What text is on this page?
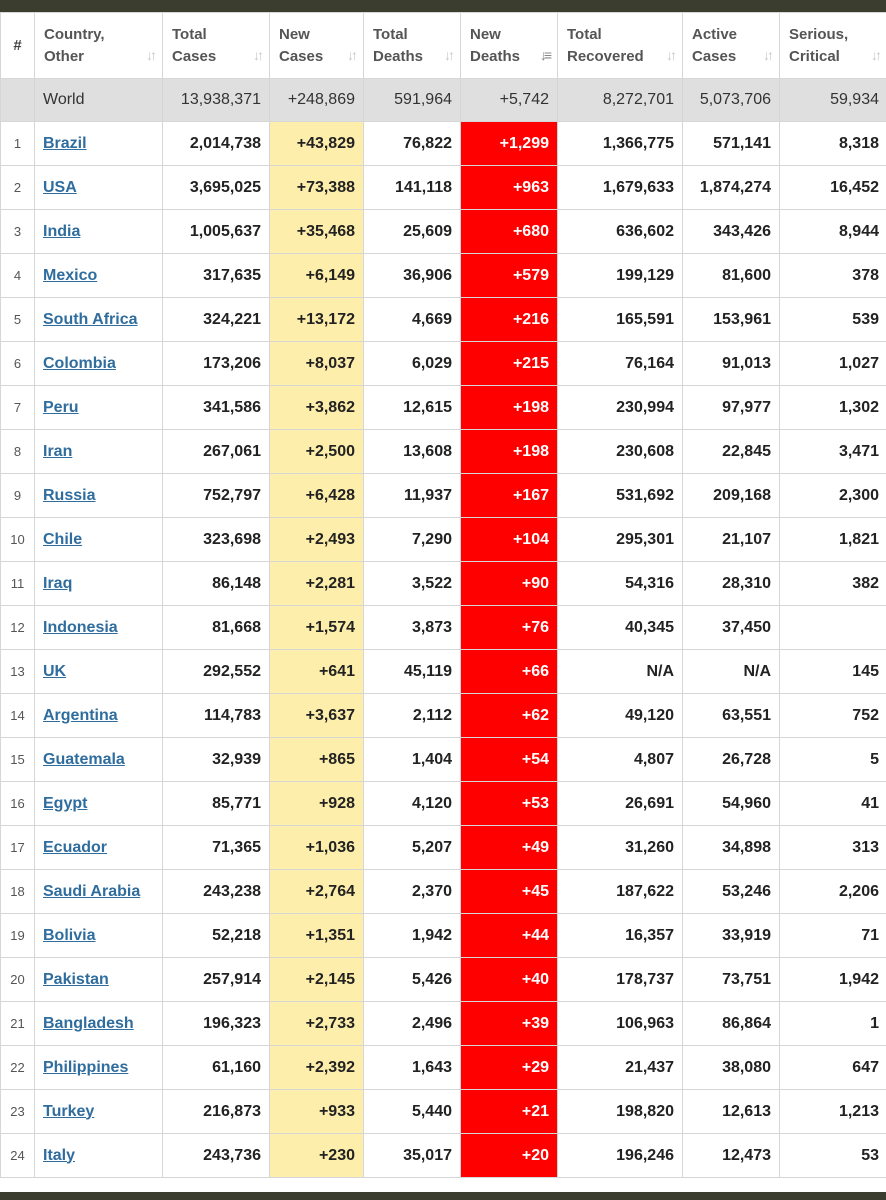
#	Country, Other ↓↑	Total Cases ↓↑	New Cases ↓↑	Total Deaths ↓↑	New Deaths ↓≡	Total Recovered ↓↑	Active Cases ↓↑	Serious, Critical ↓↑

	World	13,938,371	+248,869	591,964	+5,742	8,272,701	5,073,706	59,934
1	Brazil	2,014,738	+43,829	76,822	+1,299	1,366,775	571,141	8,318
2	USA	3,695,025	+73,388	141,118	+963	1,679,633	1,874,274	16,452
3	India	1,005,637	+35,468	25,609	+680	636,602	343,426	8,944
4	Mexico	317,635	+6,149	36,906	+579	199,129	81,600	378
5	South Africa	324,221	+13,172	4,669	+216	165,591	153,961	539
6	Colombia	173,206	+8,037	6,029	+215	76,164	91,013	1,027
7	Peru	341,586	+3,862	12,615	+198	230,994	97,977	1,302
8	Iran	267,061	+2,500	13,608	+198	230,608	22,845	3,471
9	Russia	752,797	+6,428	11,937	+167	531,692	209,168	2,300
10	Chile	323,698	+2,493	7,290	+104	295,301	21,107	1,821
11	Iraq	86,148	+2,281	3,522	+90	54,316	28,310	382
12	Indonesia	81,668	+1,574	3,873	+76	40,345	37,450	
13	UK	292,552	+641	45,119	+66	N/A	N/A	145
14	Argentina	114,783	+3,637	2,112	+62	49,120	63,551	752
15	Guatemala	32,939	+865	1,404	+54	4,807	26,728	5
16	Egypt	85,771	+928	4,120	+53	26,691	54,960	41
17	Ecuador	71,365	+1,036	5,207	+49	31,260	34,898	313
18	Saudi Arabia	243,238	+2,764	2,370	+45	187,622	53,246	2,206
19	Bolivia	52,218	+1,351	1,942	+44	16,357	33,919	71
20	Pakistan	257,914	+2,145	5,426	+40	178,737	73,751	1,942
21	Bangladesh	196,323	+2,733	2,496	+39	106,963	86,864	1
22	Philippines	61,160	+2,392	1,643	+29	21,437	38,080	647
23	Turkey	216,873	+933	5,440	+21	198,820	12,613	1,213
24	Italy	243,736	+230	35,017	+20	196,246	12,473	53
